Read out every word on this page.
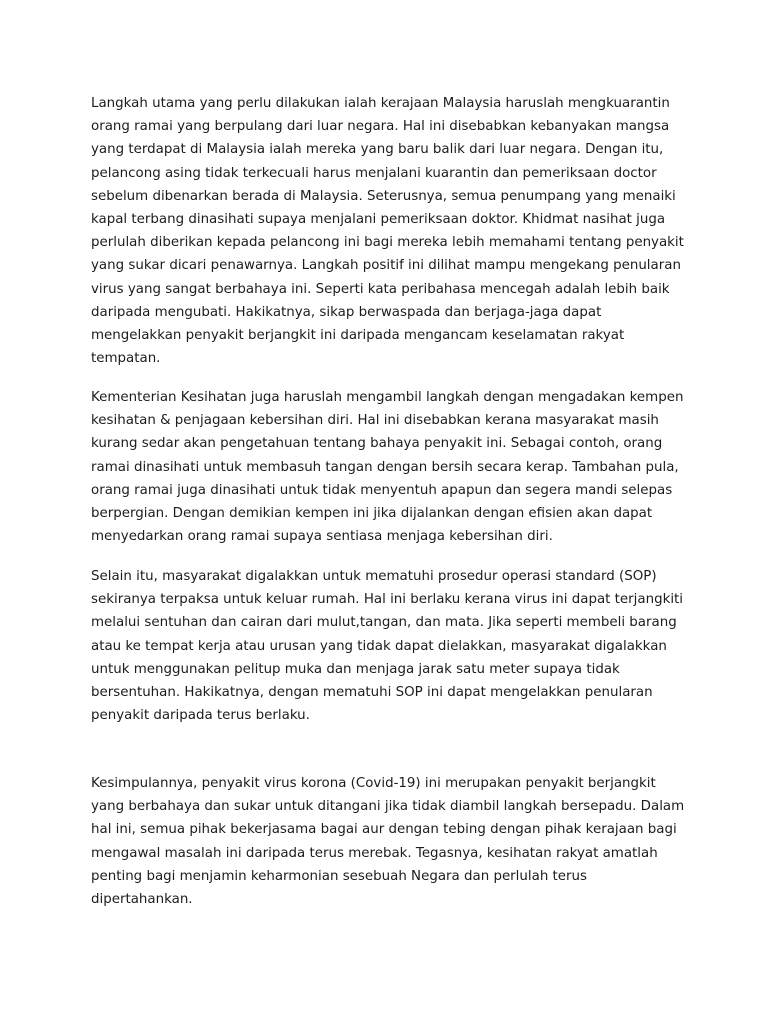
Langkah utama yang perlu dilakukan ialah kerajaan Malaysia haruslah mengkuarantin
orang ramai yang berpulang dari luar negara. Hal ini disebabkan kebanyakan mangsa
yang terdapat di Malaysia ialah mereka yang baru balik dari luar negara. Dengan itu,
pelancong asing tidak terkecuali harus menjalani kuarantin dan pemeriksaan doctor
sebelum dibenarkan berada di Malaysia. Seterusnya, semua penumpang yang menaiki
kapal terbang dinasihati supaya menjalani pemeriksaan doktor. Khidmat nasihat juga
perlulah diberikan kepada pelancong ini bagi mereka lebih memahami tentang penyakit
yang sukar dicari penawarnya. Langkah positif ini dilihat mampu mengekang penularan
virus yang sangat berbahaya ini. Seperti kata peribahasa mencegah adalah lebih baik
daripada mengubati. Hakikatnya, sikap berwaspada dan berjaga-jaga dapat
mengelakkan penyakit berjangkit ini daripada mengancam keselamatan rakyat
tempatan.

Kementerian Kesihatan juga haruslah mengambil langkah dengan mengadakan kempen
kesihatan & penjagaan kebersihan diri. Hal ini disebabkan kerana masyarakat masih
kurang sedar akan pengetahuan tentang bahaya penyakit ini. Sebagai contoh, orang
ramai dinasihati untuk membasuh tangan dengan bersih secara kerap. Tambahan pula,
orang ramai juga dinasihati untuk tidak menyentuh apapun dan segera mandi selepas
berpergian. Dengan demikian kempen ini jika dijalankan dengan efisien akan dapat
menyedarkan orang ramai supaya sentiasa menjaga kebersihan diri.

Selain itu, masyarakat digalakkan untuk mematuhi prosedur operasi standard (SOP)
sekiranya terpaksa untuk keluar rumah. Hal ini berlaku kerana virus ini dapat terjangkiti
melalui sentuhan dan cairan dari mulut,tangan, dan mata. Jika seperti membeli barang
atau ke tempat kerja atau urusan yang tidak dapat dielakkan, masyarakat digalakkan
untuk menggunakan pelitup muka dan menjaga jarak satu meter supaya tidak
bersentuhan. Hakikatnya, dengan mematuhi SOP ini dapat mengelakkan penularan
penyakit daripada terus berlaku.

Kesimpulannya, penyakit virus korona (Covid-19) ini merupakan penyakit berjangkit
yang berbahaya dan sukar untuk ditangani jika tidak diambil langkah bersepadu. Dalam
hal ini, semua pihak bekerjasama bagai aur dengan tebing dengan pihak kerajaan bagi
mengawal masalah ini daripada terus merebak. Tegasnya, kesihatan rakyat amatlah
penting bagi menjamin keharmonian sesebuah Negara dan perlulah terus
dipertahankan.
